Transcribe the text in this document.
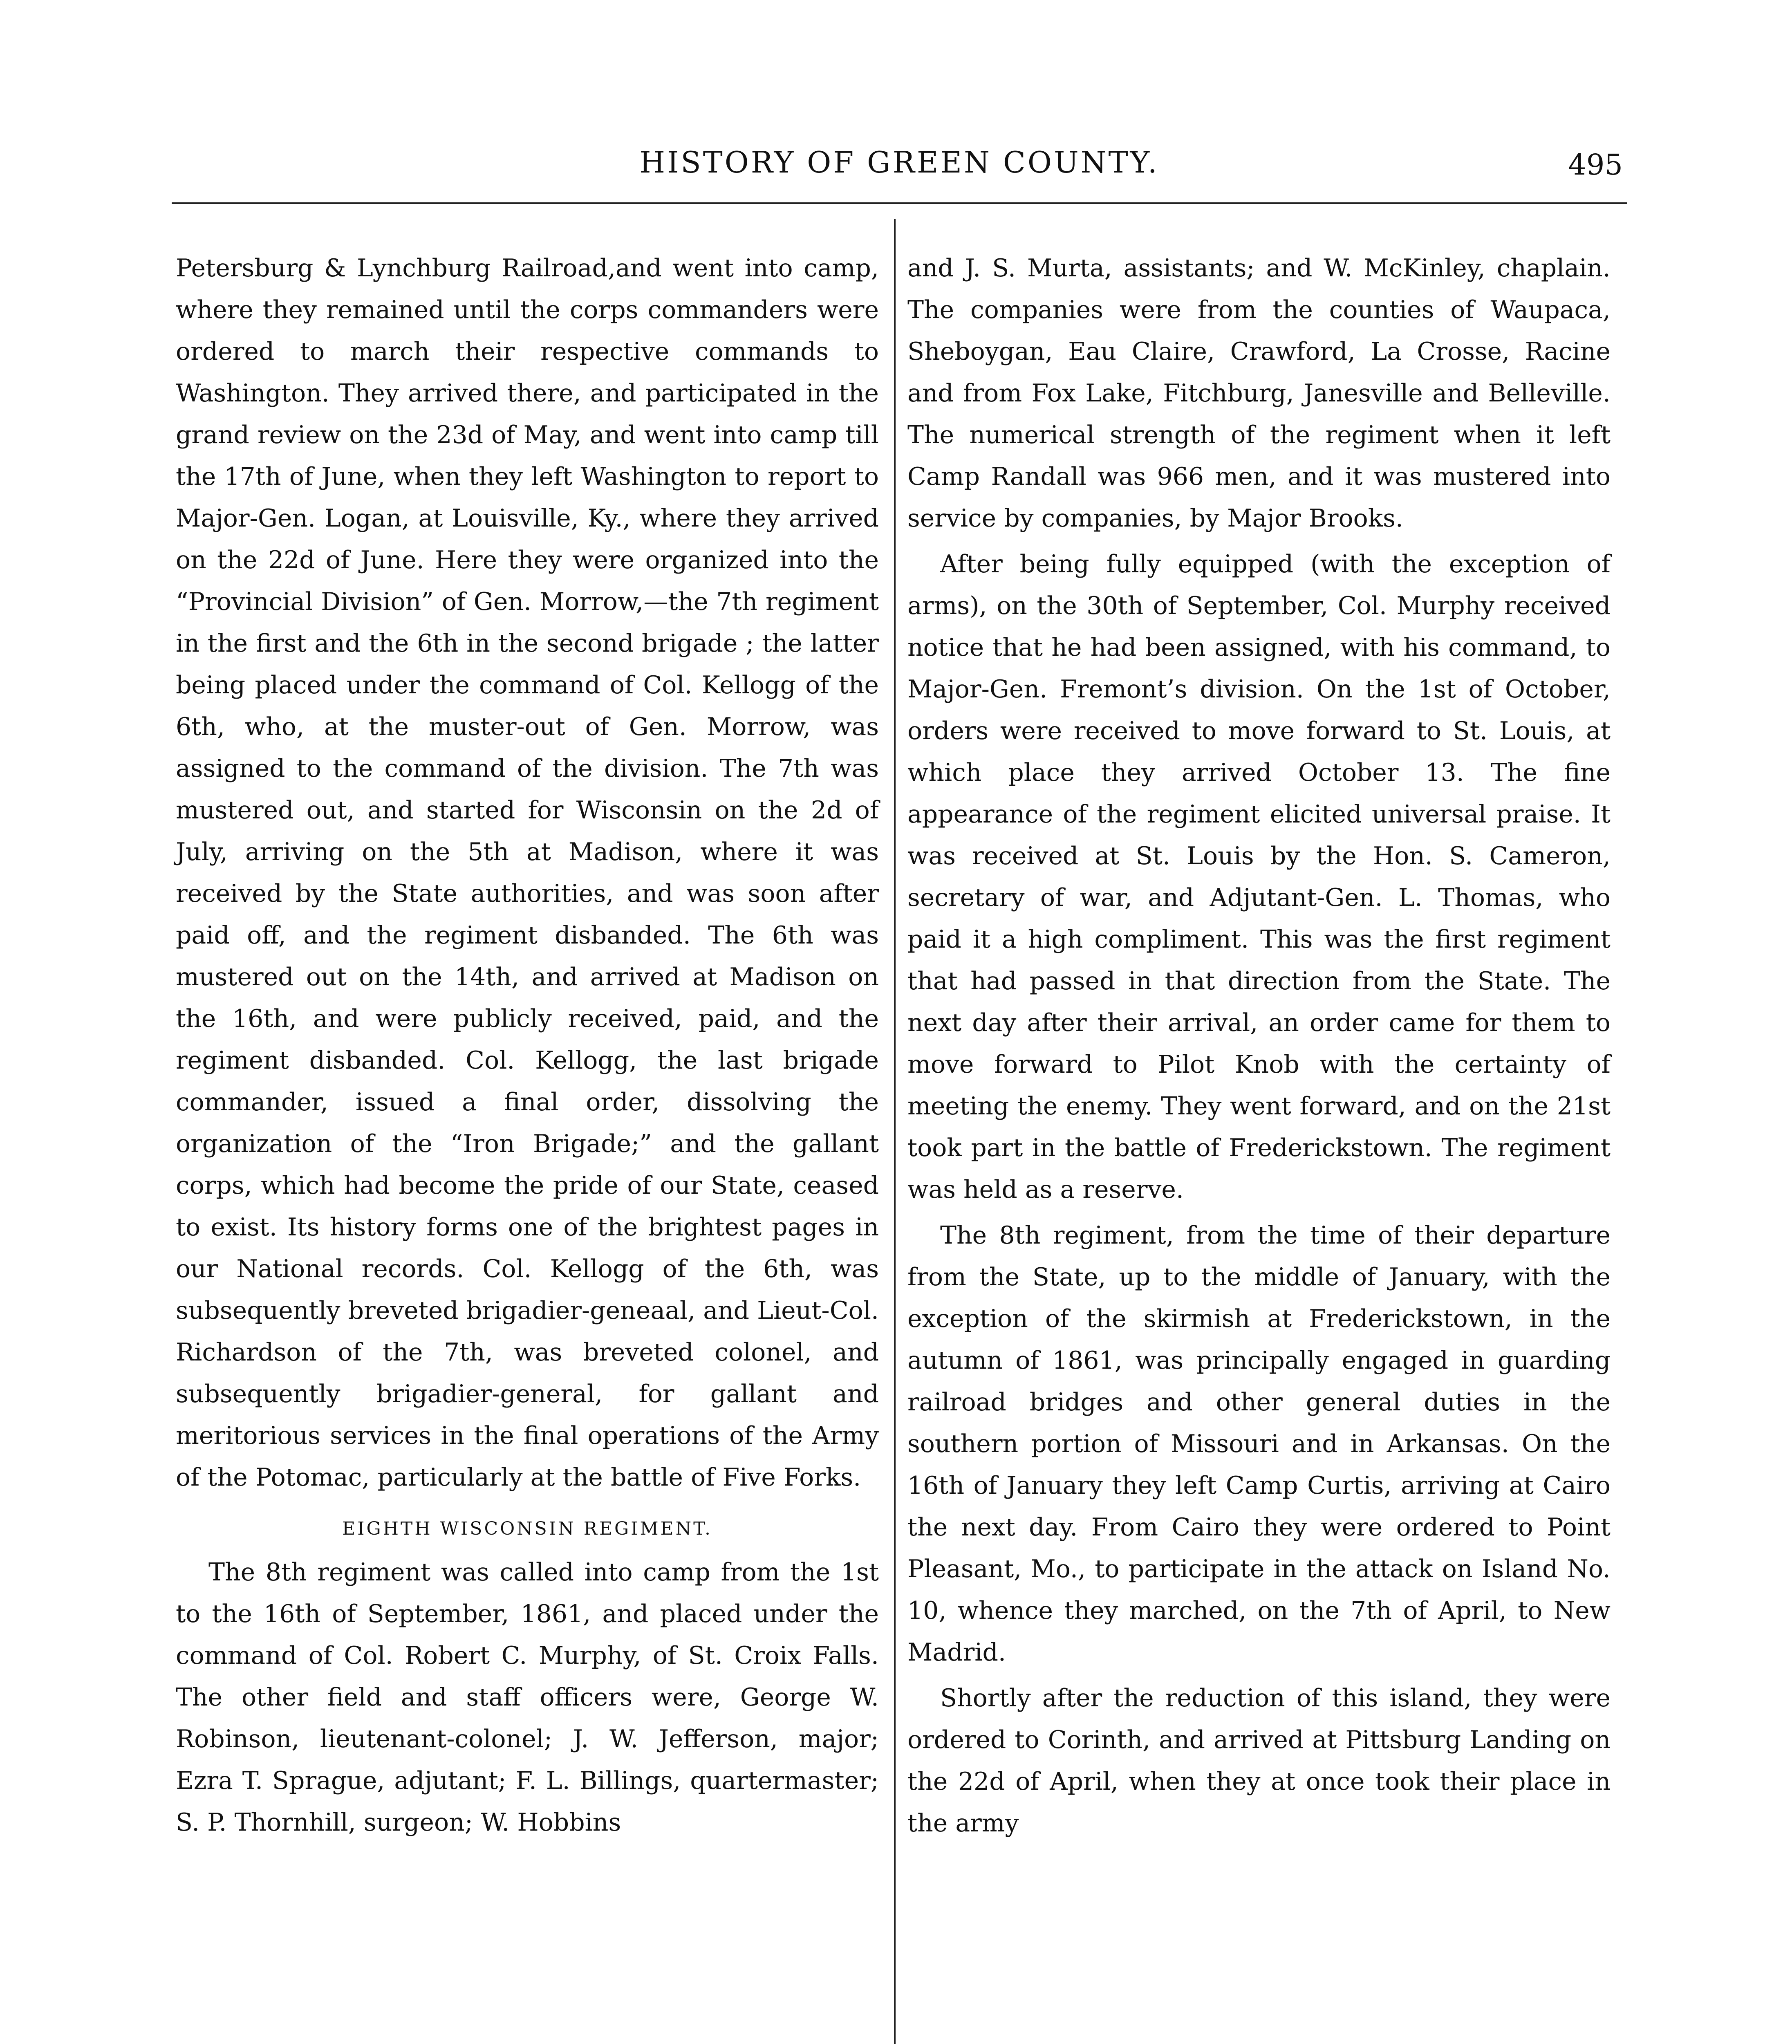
HISTORY OF GREEN COUNTY.	495

Petersburg & Lynchburg Railroad,and went into camp, where they remained until the corps commanders were ordered to march their respective commands to Washington. They arrived there, and participated in the grand review on the 23d of May, and went into camp till the 17th of June, when they left Washington to report to Major-Gen. Logan, at Louisville, Ky., where they arrived on the 22d of June. Here they were organized into the “Provincial Division” of Gen. Morrow,—the 7th regiment in the first and the 6th in the second brigade ; the latter being placed under the command of Col. Kellogg of the 6th, who, at the muster-out of Gen. Morrow, was assigned to the command of the division. The 7th was mustered out, and started for Wisconsin on the 2d of July, arriving on the 5th at Madison, where it was received by the State authorities, and was soon after paid off, and the regiment disbanded. The 6th was mustered out on the 14th, and arrived at Madison on the 16th, and were publicly received, paid, and the regiment disbanded. Col. Kellogg, the last brigade commander, issued a final order, dissolving the organization of the “Iron Brigade;” and the gallant corps, which had become the pride of our State, ceased to exist. Its history forms one of the brightest pages in our National records. Col. Kellogg of the 6th, was subsequently breveted brigadier-geneaal, and Lieut-Col. Richardson of the 7th, was breveted colonel, and subsequently brigadier-general, for gallant and meritorious services in the final operations of the Army of the Potomac, particularly at the battle of Five Forks.

EIGHTH WISCONSIN REGIMENT.

The 8th regiment was called into camp from the 1st to the 16th of September, 1861, and placed under the command of Col. Robert C. Murphy, of St. Croix Falls. The other field and staff officers were, George W. Robinson, lieutenant-colonel; J. W. Jefferson, major; Ezra T. Sprague, adjutant; F. L. Billings, quartermaster; S. P. Thornhill, surgeon; W. Hobbins

and J. S. Murta, assistants; and W. McKinley, chaplain. The companies were from the counties of Waupaca, Sheboygan, Eau Claire, Crawford, La Crosse, Racine and from Fox Lake, Fitchburg, Janesville and Belleville. The numerical strength of the regiment when it left Camp Randall was 966 men, and it was mustered into service by companies, by Major Brooks.

After being fully equipped (with the exception of arms), on the 30th of September, Col. Murphy received notice that he had been assigned, with his command, to Major-Gen. Fremont’s division. On the 1st of October, orders were received to move forward to St. Louis, at which place they arrived October 13. The fine appearance of the regiment elicited universal praise. It was received at St. Louis by the Hon. S. Cameron, secretary of war, and Adjutant-Gen. L. Thomas, who paid it a high compliment. This was the first regiment that had passed in that direction from the State. The next day after their arrival, an order came for them to move forward to Pilot Knob with the certainty of meeting the enemy. They went forward, and on the 21st took part in the battle of Frederickstown. The regiment was held as a reserve.

The 8th regiment, from the time of their departure from the State, up to the middle of January, with the exception of the skirmish at Frederickstown, in the autumn of 1861, was principally engaged in guarding railroad bridges and other general duties in the southern portion of Missouri and in Arkansas. On the 16th of January they left Camp Curtis, arriving at Cairo the next day. From Cairo they were ordered to Point Pleasant, Mo., to participate in the attack on Island No. 10, whence they marched, on the 7th of April, to New Madrid.

Shortly after the reduction of this island, they were ordered to Corinth, and arrived at Pittsburg Landing on the 22d of April, when they at once took their place in the army
